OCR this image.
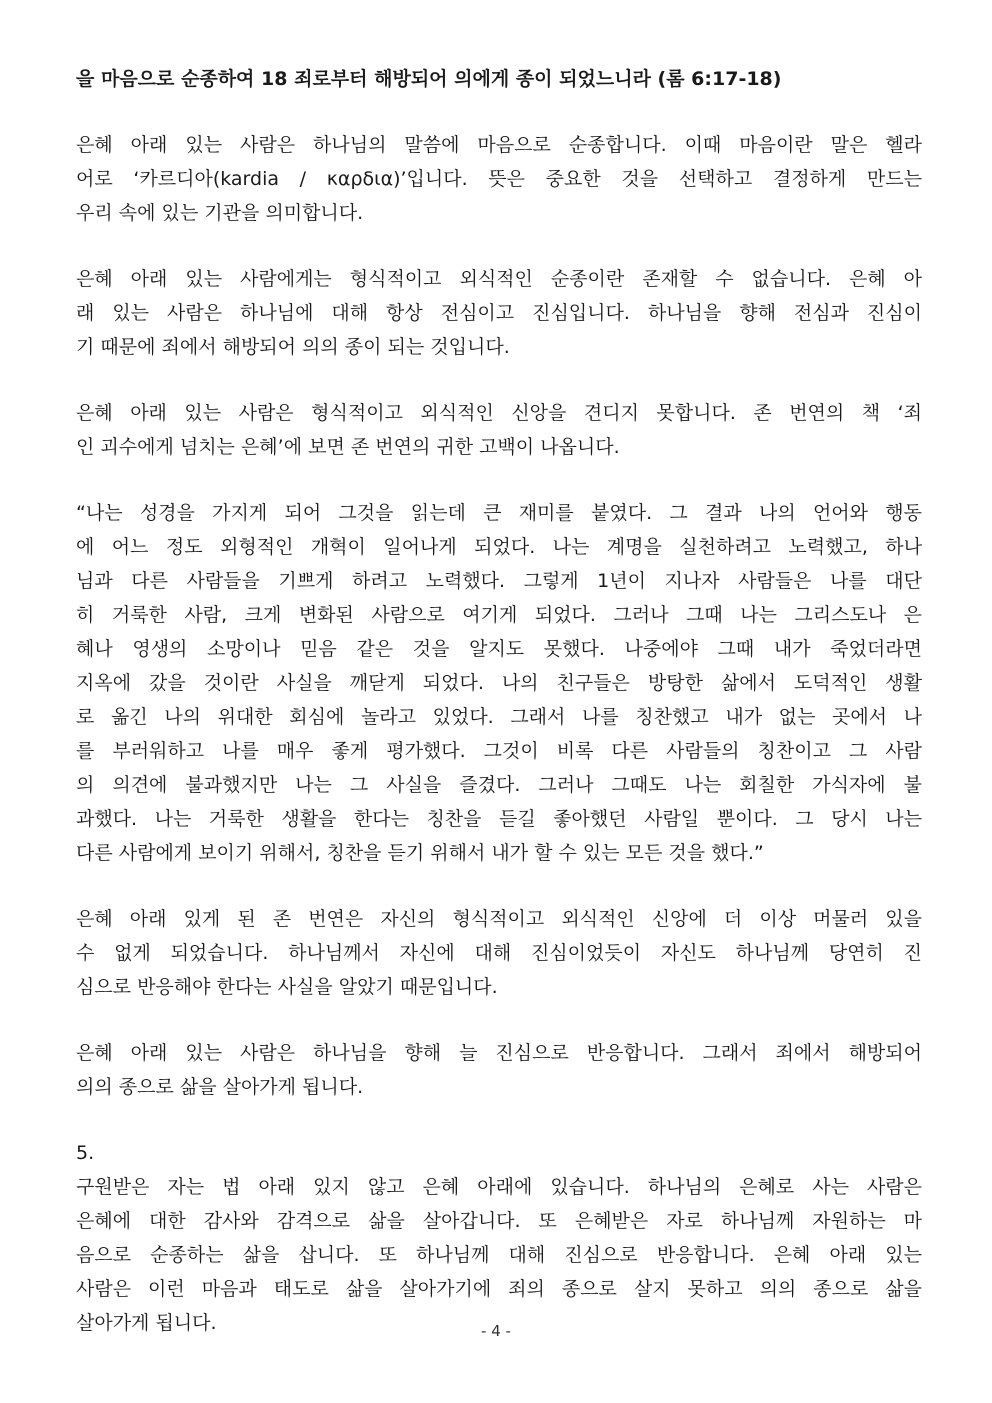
을 마음으로 순종하여 18 죄로부터 해방되어 의에게 종이 되었느니라 (롬 6:17-18)
은혜 아래 있는 사람은 하나님의 말씀에 마음으로 순종합니다. 이때 마음이란 말은 헬라
어로 ‘카르디아(kardia / καρδια)’입니다. 뜻은 중요한 것을 선택하고 결정하게 만드는
우리 속에 있는 기관을 의미합니다.
은혜 아래 있는 사람에게는 형식적이고 외식적인 순종이란 존재할 수 없습니다. 은혜 아
래 있는 사람은 하나님에 대해 항상 전심이고 진심입니다. 하나님을 향해 전심과 진심이
기 때문에 죄에서 해방되어 의의 종이 되는 것입니다.
은혜 아래 있는 사람은 형식적이고 외식적인 신앙을 견디지 못합니다. 존 번연의 책 ‘죄
인 괴수에게 넘치는 은혜’에 보면 존 번연의 귀한 고백이 나옵니다.
“나는 성경을 가지게 되어 그것을 읽는데 큰 재미를 붙였다. 그 결과 나의 언어와 행동
에 어느 정도 외형적인 개혁이 일어나게 되었다. 나는 계명을 실천하려고 노력했고, 하나
님과 다른 사람들을 기쁘게 하려고 노력했다. 그렇게 1년이 지나자 사람들은 나를 대단
히 거룩한 사람, 크게 변화된 사람으로 여기게 되었다. 그러나 그때 나는 그리스도나 은
혜나 영생의 소망이나 믿음 같은 것을 알지도 못했다. 나중에야 그때 내가 죽었더라면
지옥에 갔을 것이란 사실을 깨닫게 되었다. 나의 친구들은 방탕한 삶에서 도덕적인 생활
로 옮긴 나의 위대한 회심에 놀라고 있었다. 그래서 나를 칭찬했고 내가 없는 곳에서 나
를 부러워하고 나를 매우 좋게 평가했다. 그것이 비록 다른 사람들의 칭찬이고 그 사람
의 의견에 불과했지만 나는 그 사실을 즐겼다. 그러나 그때도 나는 회칠한 가식자에 불
과했다. 나는 거룩한 생활을 한다는 칭찬을 듣길 좋아했던 사람일 뿐이다. 그 당시 나는
다른 사람에게 보이기 위해서, 칭찬을 듣기 위해서 내가 할 수 있는 모든 것을 했다.”
은혜 아래 있게 된 존 번연은 자신의 형식적이고 외식적인 신앙에 더 이상 머물러 있을
수 없게 되었습니다. 하나님께서 자신에 대해 진심이었듯이 자신도 하나님께 당연히 진
심으로 반응해야 한다는 사실을 알았기 때문입니다.
은혜 아래 있는 사람은 하나님을 향해 늘 진심으로 반응합니다. 그래서 죄에서 해방되어
의의 종으로 삶을 살아가게 됩니다.
5.
구원받은 자는 법 아래 있지 않고 은혜 아래에 있습니다. 하나님의 은혜로 사는 사람은
은혜에 대한 감사와 감격으로 삶을 살아갑니다. 또 은혜받은 자로 하나님께 자원하는 마
음으로 순종하는 삶을 삽니다. 또 하나님께 대해 진심으로 반응합니다. 은혜 아래 있는
사람은 이런 마음과 태도로 삶을 살아가기에 죄의 종으로 살지 못하고 의의 종으로 삶을
살아가게 됩니다.	- 4 -
